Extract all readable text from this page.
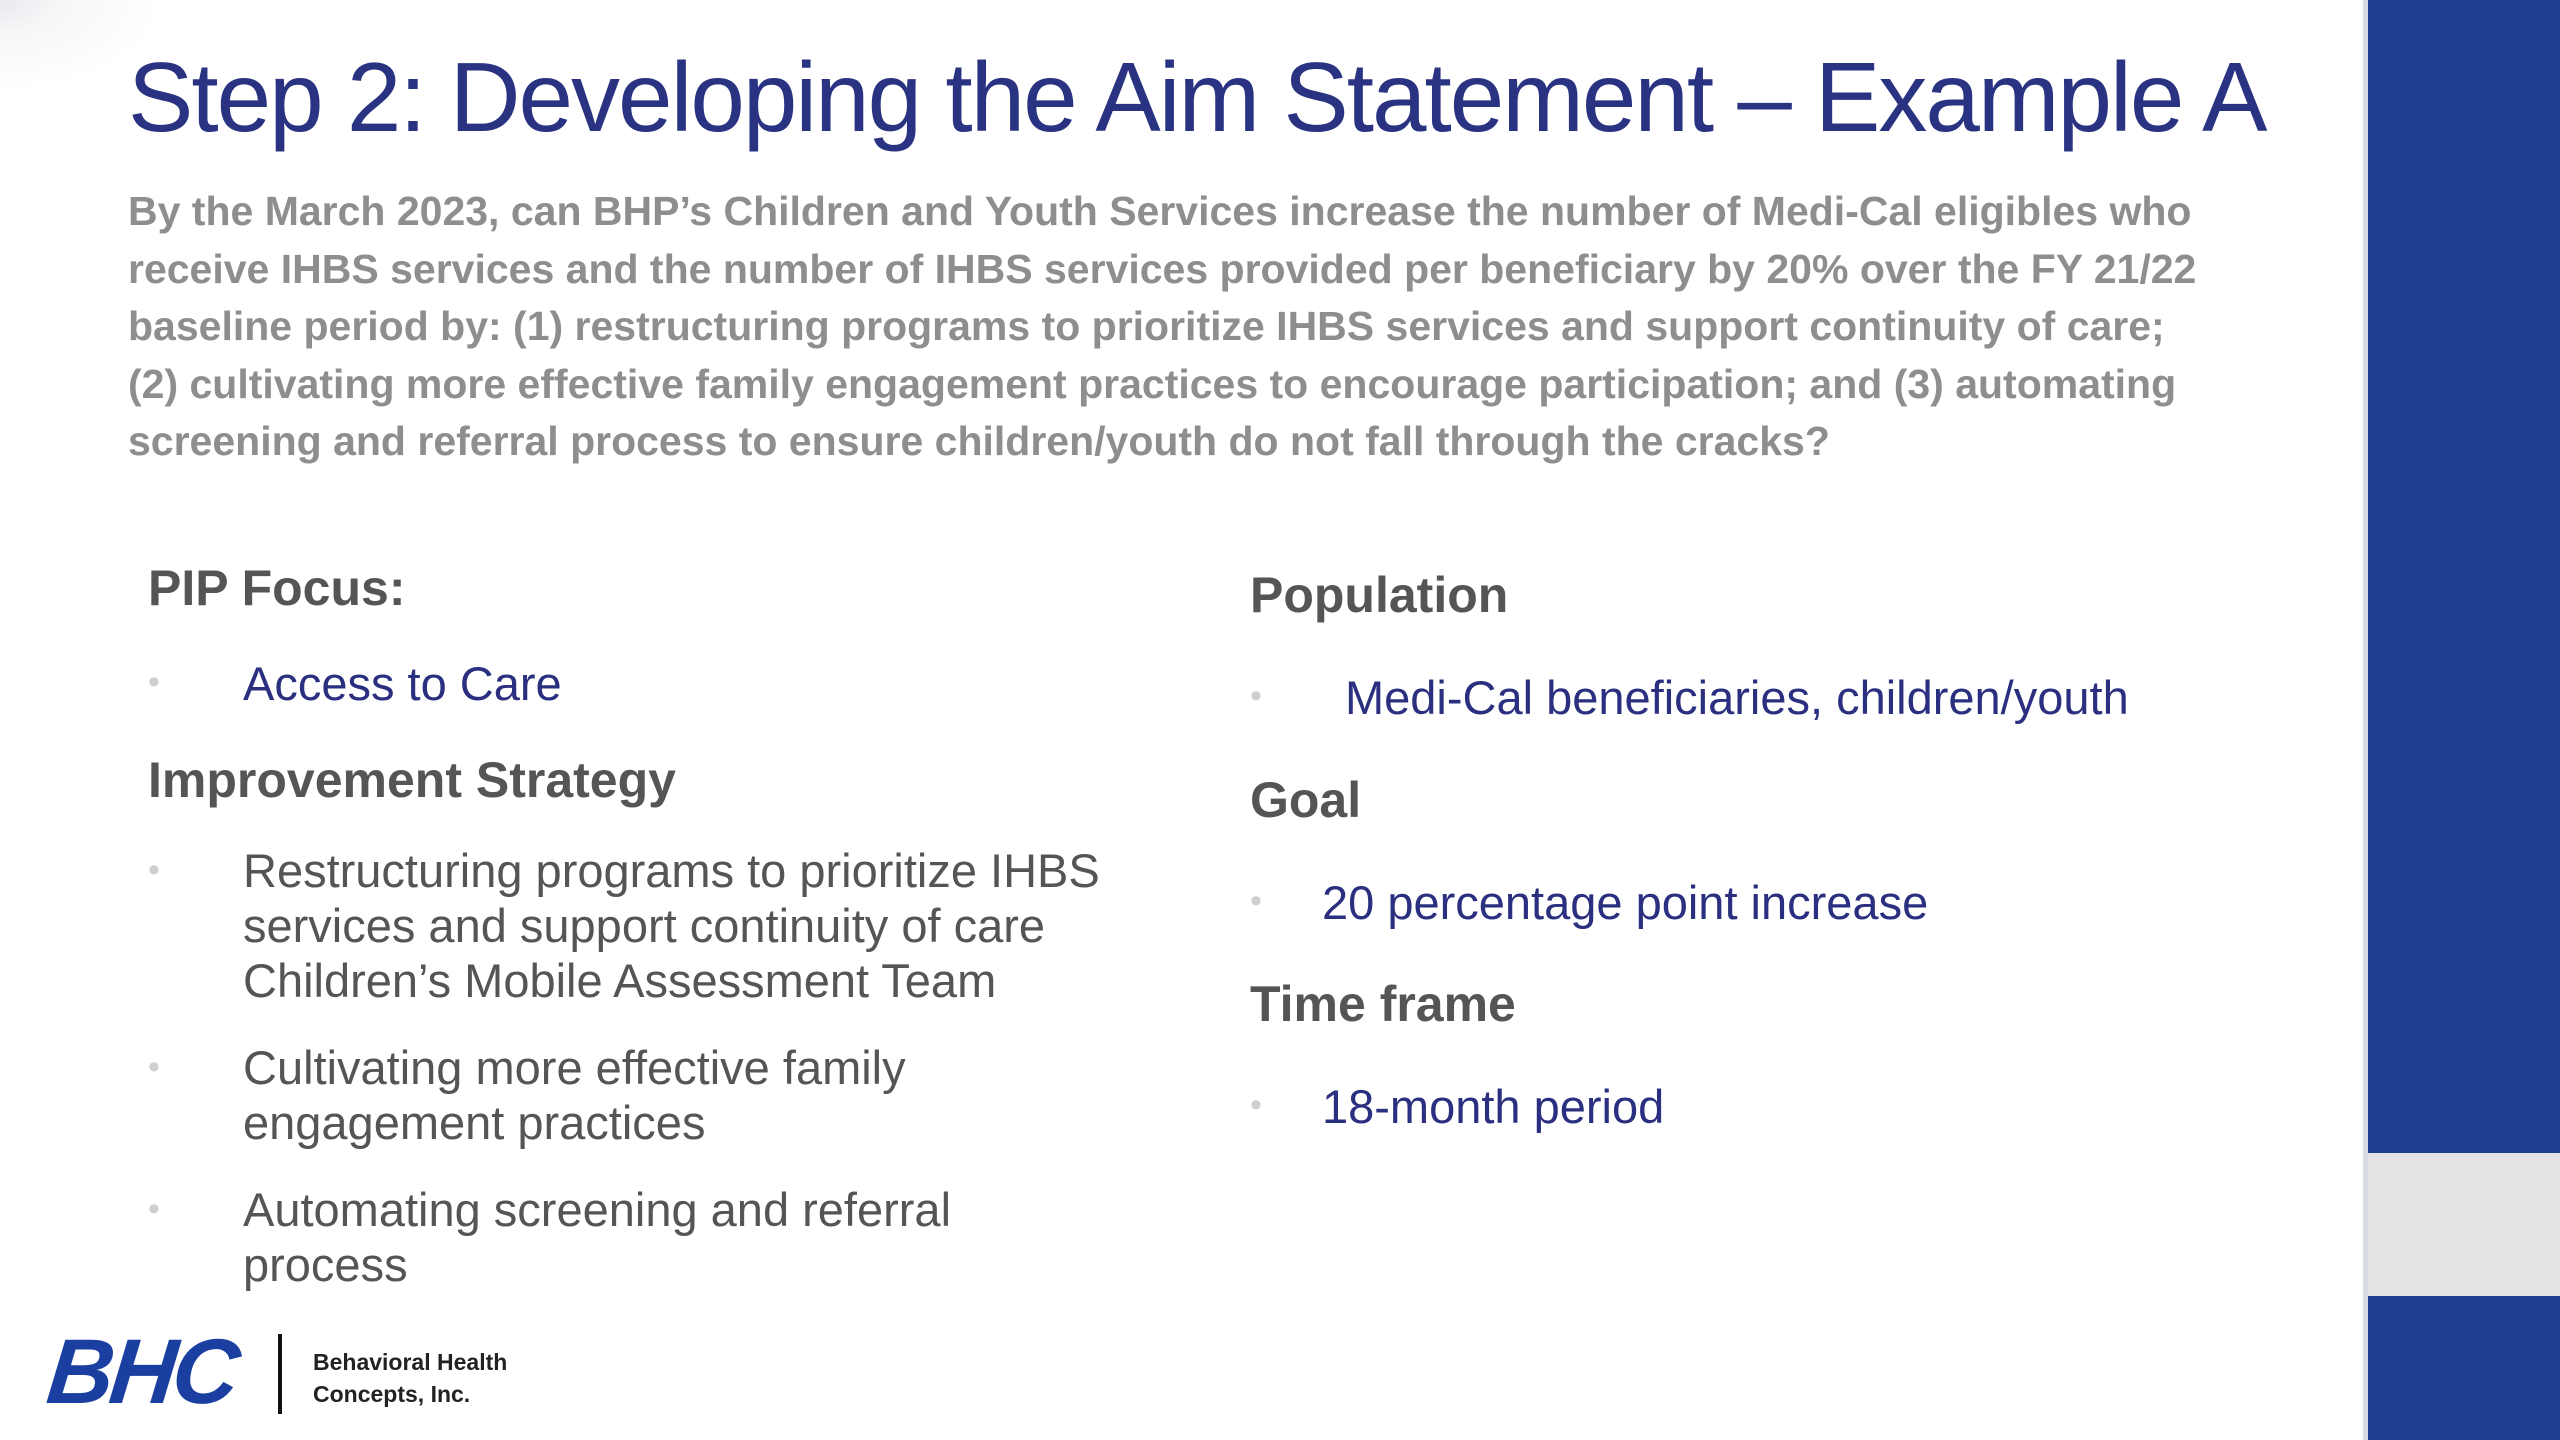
Step 2: Developing the Aim Statement – Example A
By the March 2023, can BHP’s Children and Youth Services increase the number of Medi-Cal eligibles who
receive IHBS services and the number of IHBS services provided per beneficiary by 20% over the FY 21/22
baseline period by: (1) restructuring programs to prioritize IHBS services and support continuity of care;
(2) cultivating more effective family engagement practices to encourage participation; and (3) automating
screening and referral process to ensure children/youth do not fall through the cracks?
PIP Focus:
• Access to Care
Improvement Strategy
• Restructuring programs to prioritize IHBS
services and support continuity of care
Children’s Mobile Assessment Team
• Cultivating more effective family
engagement practices
• Automating screening and referral
process
Population
• Medi-Cal beneficiaries, children/youth
Goal
• 20 percentage point increase
Time frame
• 18-month period
BHC	Behavioral Health
Concepts, Inc.
